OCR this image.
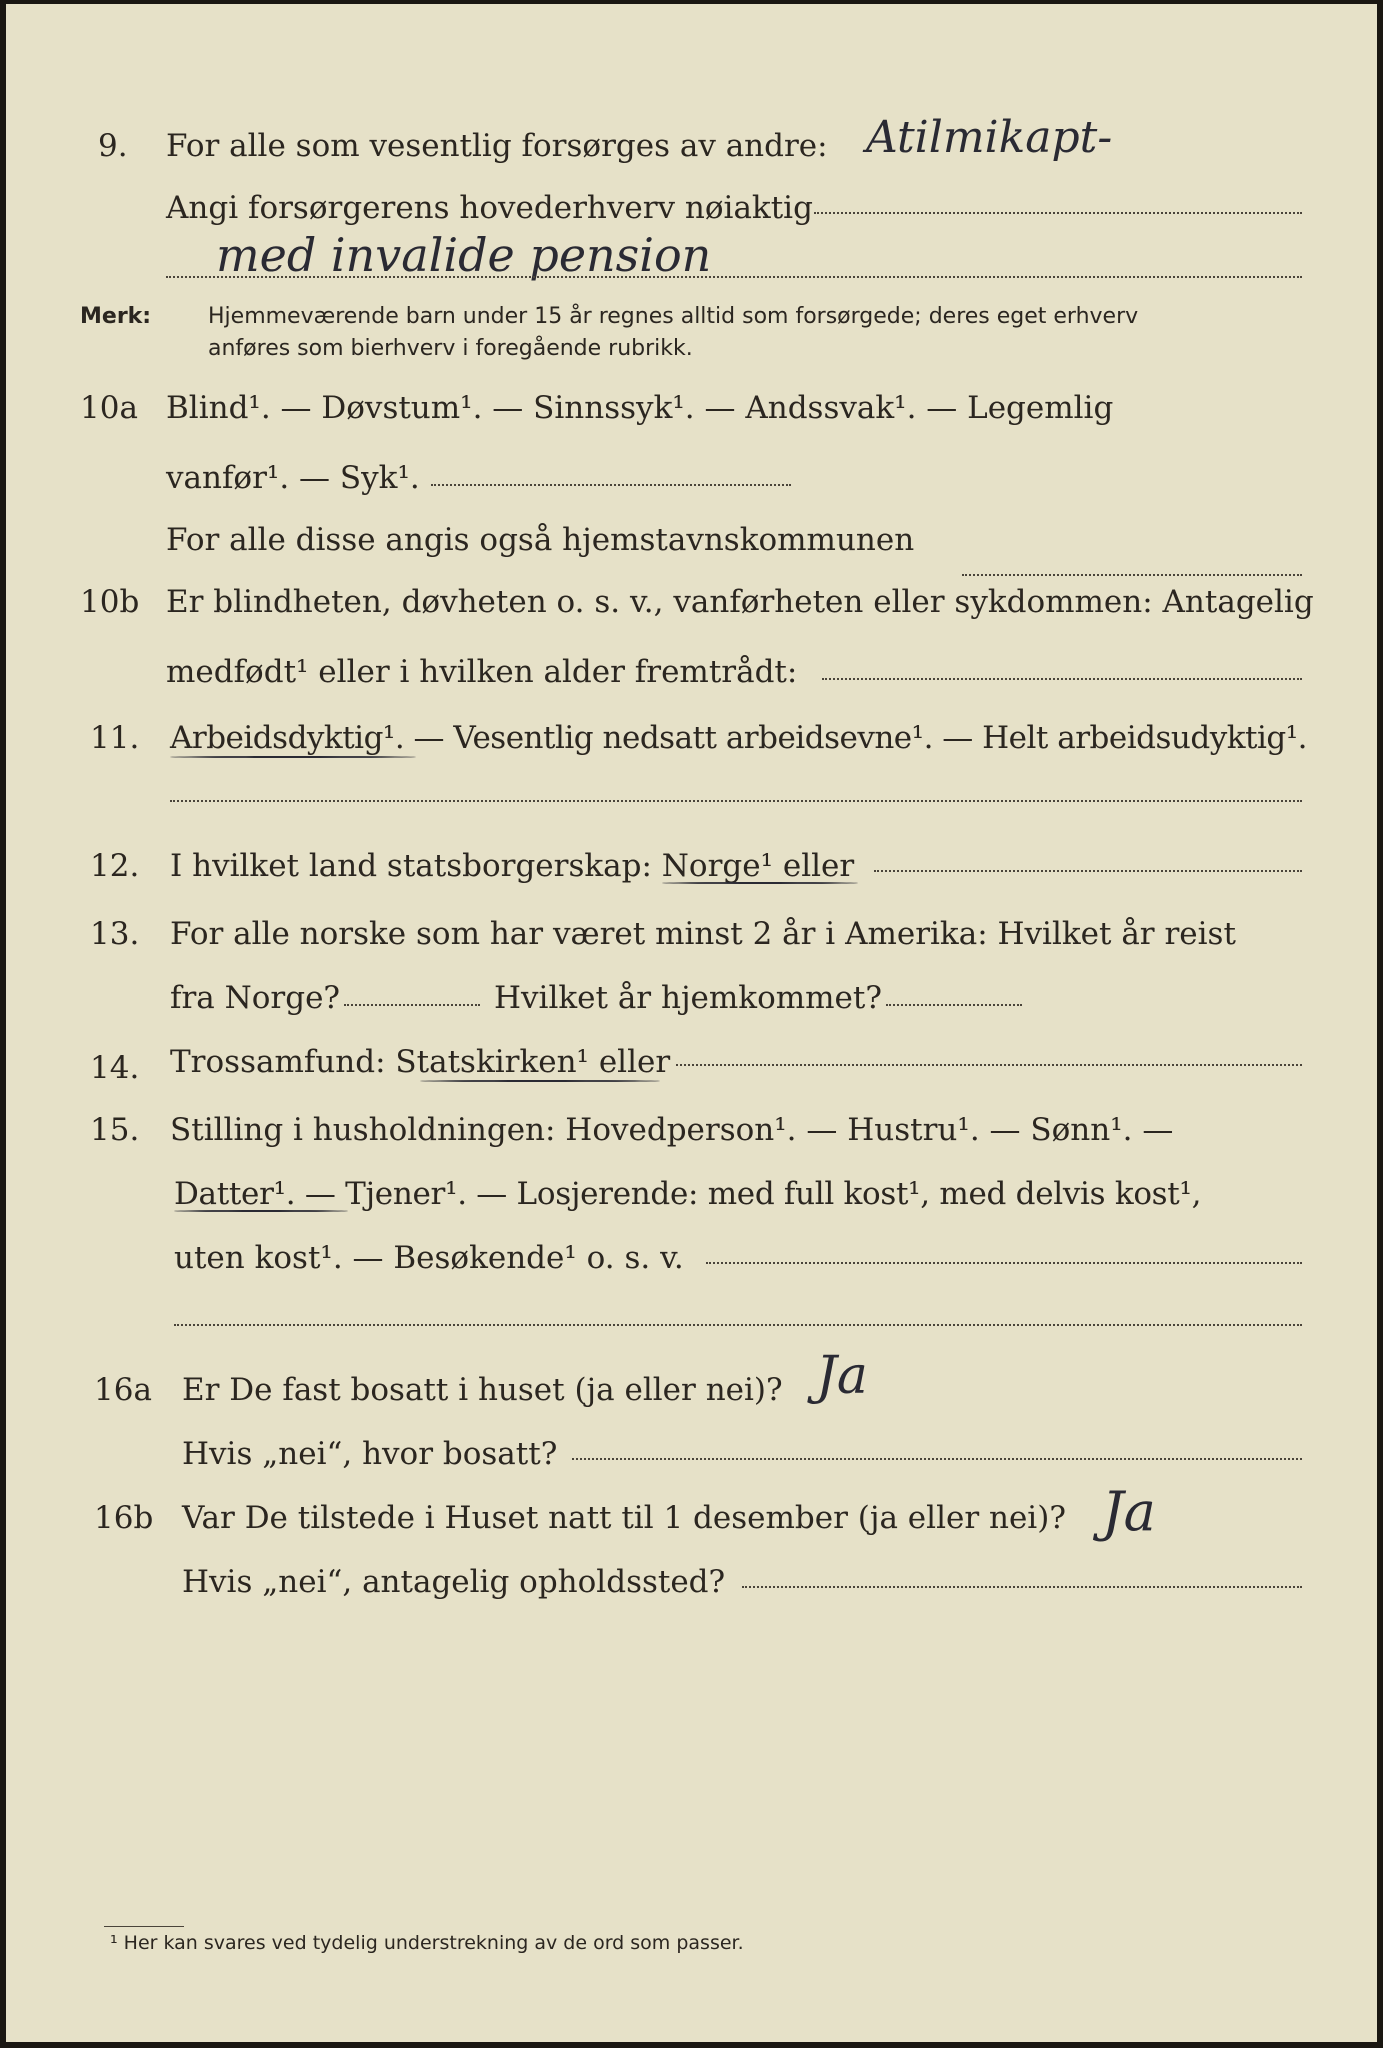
9. For alle som vesentlig forsørges av andre: Atilmikapt-
Angi forsørgerens hovederhverv nøiaktig
med invalide pension
Merk:	Hjemmeværende barn under 15 år regnes alltid som forsørgede; deres eget erhverv
anføres som bierhverv i foregående rubrikk.
10a Blind¹. — Døvstum¹. — Sinnssyk¹. — Andssvak¹. — Legemlig
vanfør¹. — Syk¹.
For alle disse angis også hjemstavnskommunen
10b Er blindheten, døvheten o. s. v., vanførheten eller sykdommen: Antagelig
medfødt¹ eller i hvilken alder fremtrådt:
11. Arbeidsdyktig¹. — Vesentlig nedsatt arbeidsevne¹. — Helt arbeidsudyktig¹.
12. I hvilket land statsborgerskap: Norge¹ eller
13. For alle norske som har været minst 2 år i Amerika: Hvilket år reist
fra Norge?	Hvilket år hjemkommet?
14. Trossamfund: Statskirken¹ eller
15. Stilling i husholdningen: Hovedperson¹. — Hustru¹. — Sønn¹. —
Datter¹. — Tjener¹. — Losjerende: med full kost¹, med delvis kost¹,
uten kost¹. — Besøkende¹ o. s. v.
16a Er De fast bosatt i huset (ja eller nei)? Ja
Hvis „nei“, hvor bosatt?
16b Var De tilstede i Huset natt til 1 desember (ja eller nei)? Ja
Hvis „nei“, antagelig opholdssted?
¹ Her kan svares ved tydelig understrekning av de ord som passer.
